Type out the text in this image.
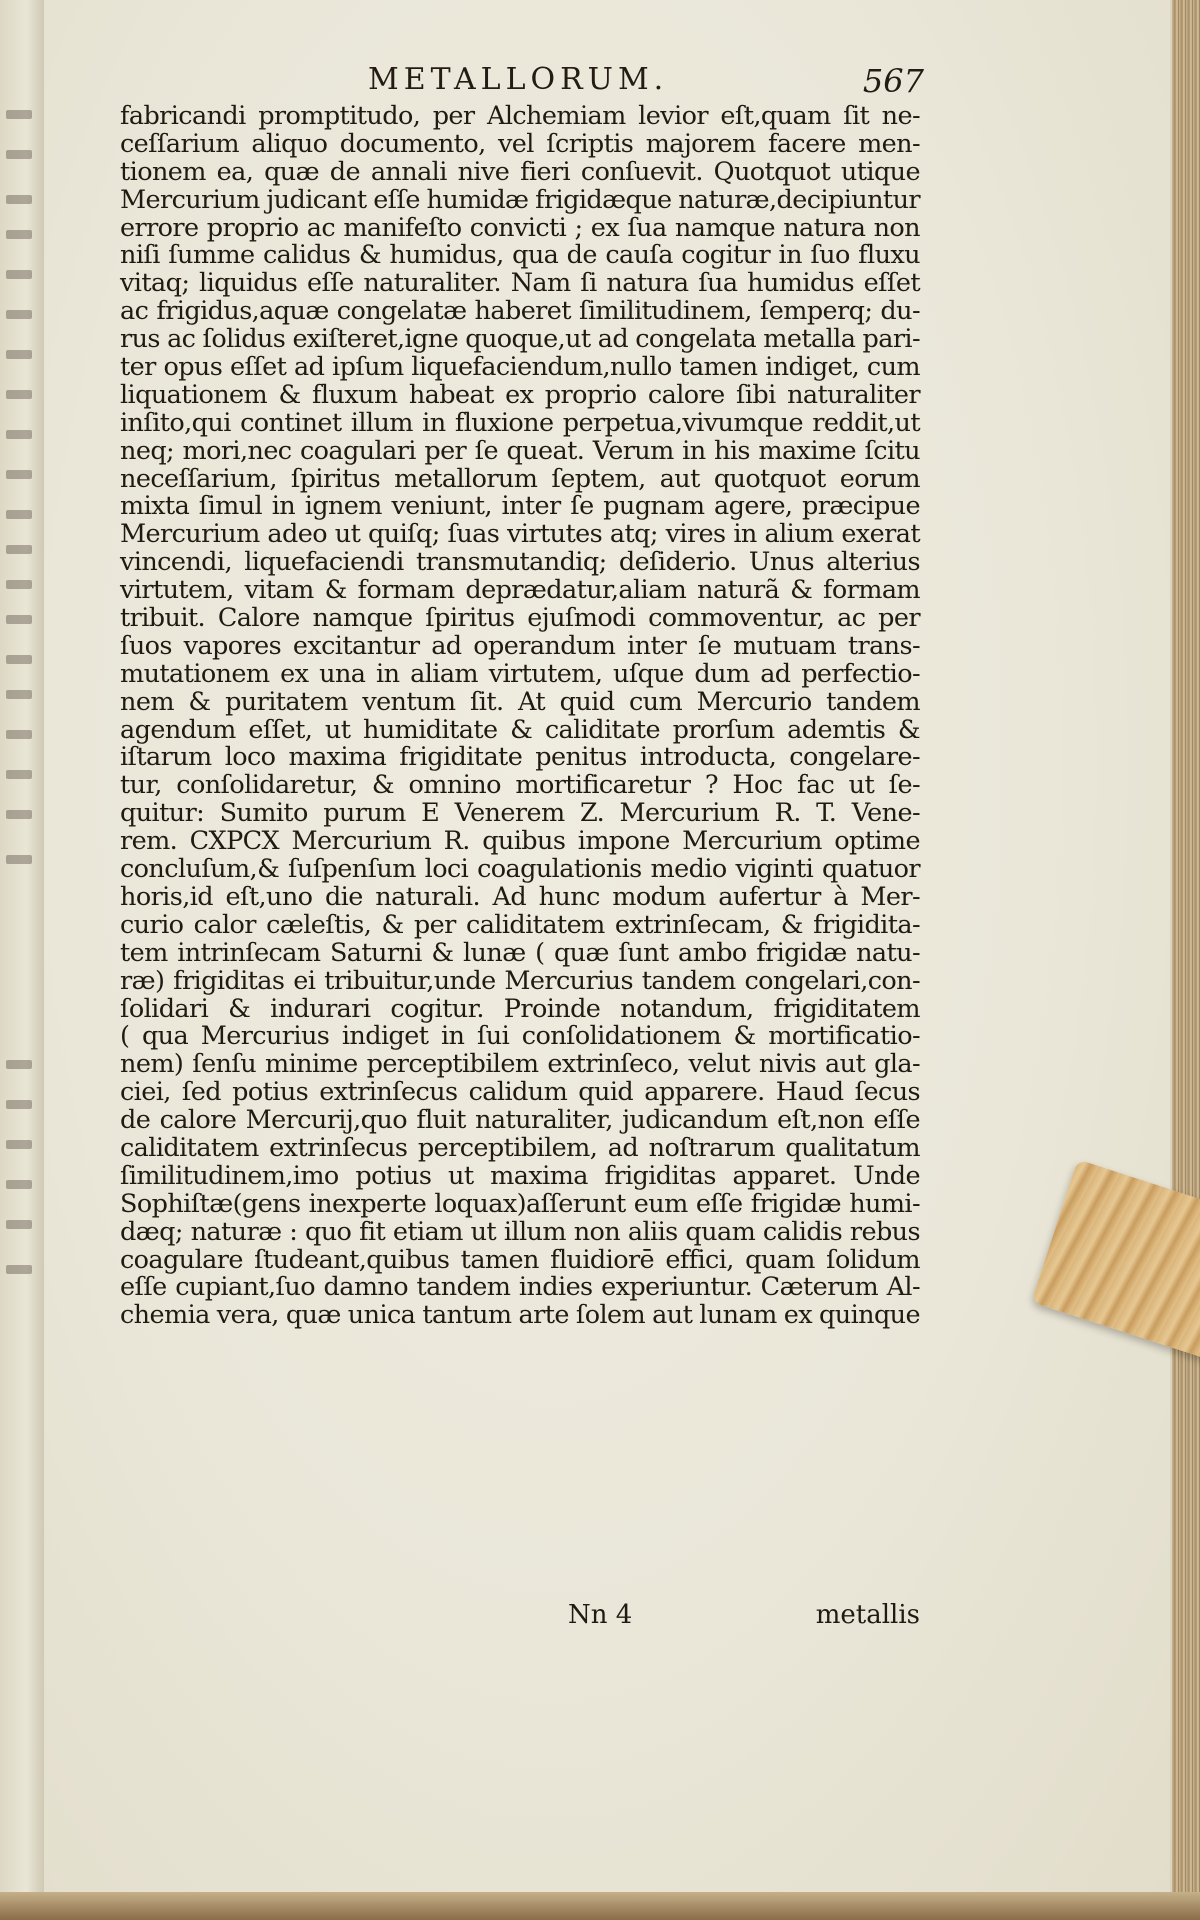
METALLORUM.	567
fabricandi promptitudo, per Alchemiam levior eſt,quam ſit ne-
ceſſarium aliquo documento, vel ſcriptis majorem facere men-
tionem ea, quæ de annali nive fieri conſuevit. Quotquot utique
Mercurium judicant eſſe humidæ frigidæque naturæ,decipiuntur
errore proprio ac manifeſto convicti ; ex ſua namque natura non
niſi ſumme calidus & humidus, qua de cauſa cogitur in ſuo fluxu
vitaq; liquidus eſſe naturaliter. Nam ſi natura ſua humidus eſſet
ac frigidus,aquæ congelatæ haberet ſimilitudinem, ſemperq; du-
rus ac ſolidus exiſteret,igne quoque,ut ad congelata metalla pari-
ter opus eſſet ad ipſum liquefaciendum,nullo tamen indiget, cum
liquationem & fluxum habeat ex proprio calore ſibi naturaliter
inſito,qui continet illum in fluxione perpetua,vivumque reddit,ut
neq; mori,nec coagulari per ſe queat. Verum in his maxime ſcitu
neceſſarium, ſpiritus metallorum ſeptem, aut quotquot eorum
mixta ſimul in ignem veniunt, inter ſe pugnam agere, præcipue
Mercurium adeo ut quiſq; ſuas virtutes atq; vires in alium exerat
vincendi, liquefaciendi transmutandiq; deſiderio. Unus alterius
virtutem, vitam & formam deprædatur,aliam naturã & formam
tribuit. Calore namque ſpiritus ejuſmodi commoventur, ac per
ſuos vapores excitantur ad operandum inter ſe mutuam trans-
mutationem ex una in aliam virtutem, uſque dum ad perfectio-
nem & puritatem ventum ſit. At quid cum Mercurio tandem
agendum eſſet, ut humiditate & caliditate prorſum ademtis &
iſtarum loco maxima frigiditate penitus introducta, congelare-
tur, conſolidaretur, & omnino mortificaretur ? Hoc fac ut ſe-
quitur: Sumito purum E Venerem Z. Mercurium R. T. Vene-
rem. CXPCX Mercurium R. quibus impone Mercurium optime
concluſum,& ſuſpenſum loci coagulationis medio viginti quatuor
horis,id eſt,uno die naturali. Ad hunc modum aufertur à Mer-
curio calor cæleſtis, & per caliditatem extrinſecam, & frigidita-
tem intrinſecam Saturni & lunæ ( quæ ſunt ambo frigidæ natu-
ræ) frigiditas ei tribuitur,unde Mercurius tandem congelari,con-
ſolidari & indurari cogitur. Proinde notandum, frigiditatem
( qua Mercurius indiget in ſui conſolidationem & mortificatio-
nem) ſenſu minime perceptibilem extrinſeco, velut nivis aut gla-
ciei, ſed potius extrinſecus calidum quid apparere. Haud ſecus
de calore Mercurij,quo fluit naturaliter, judicandum eſt,non eſſe
caliditatem extrinſecus perceptibilem, ad noſtrarum qualitatum
ſimilitudinem,imo potius ut maxima frigiditas apparet. Unde
Sophiſtæ(gens inexperte loquax)aſſerunt eum eſſe frigidæ humi-
dæq; naturæ : quo fit etiam ut illum non aliis quam calidis rebus
coagulare ſtudeant,quibus tamen fluidiorē effici, quam ſolidum
eſſe cupiant,ſuo damno tandem indies experiuntur. Cæterum Al-
chemia vera, quæ unica tantum arte ſolem aut lunam ex quinque
Nn 4	metallis
